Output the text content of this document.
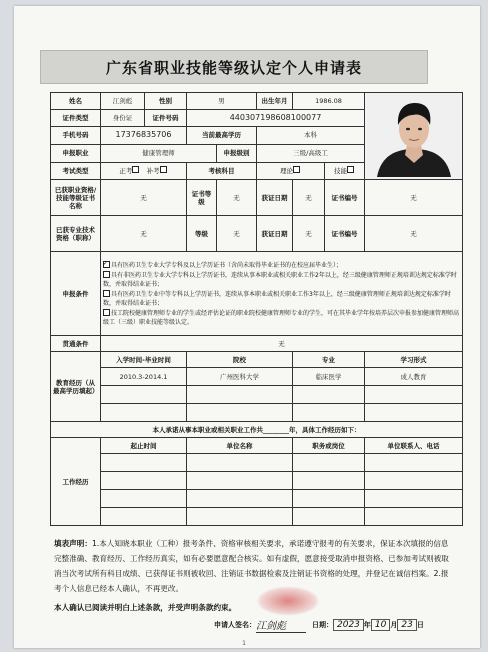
广东省职业技能等级认定个人申请表
姓名	江剑彪	性别	男		出生年月	1986.08	
证件类型	身份证	证件号码	440307198608100077					
手机号码	17376835706		当前最高学历		本科			
申报职业	健康管理师			申报级别	三级/高级工			
考试类型	正考 补考		考核科目		理论		技能	
已获职业资格/技能等级证书名称	无		证书等级	无	获证日期	无	证书编号	无
已获专业技术资格（职称）	无		等级	无	获证日期	无	证书编号	无
申报条件	
✓具有医药卫生专业大学专科及以上学历证书（含尚未取得毕业证书的在校应届毕业生）；
具有非医药卫生专业大学专科以上学历证书，连续从事本职业或相关职业工作2年以上，经三级健康管理师正规培训达规定标准学时数，并取得结业证书；
具有医药卫生专业中等专科以上学历证书，连续从事本职业或相关职业工作3年以上，经三级健康管理师正规培训达规定标准学时数，并取得结业证书；
技工院校健康管理师专业的学生或经评估论证的职业院校健康管理师专业的学生，可在其毕业学年按培养层次申报参加健康管理师高级工（三级）职业技能等级认定。

贯通条件	无							
教育经历（从最高学历填起）	入学时间-毕业时间		院校			专业		学习形式
	2010.3-2014.1		广州医科大学			临床医学		成人教育

本人承诺从事本职业或相关职业工作共________年，具体工作经历如下：								
工作经历	起止时间		单位名称			职务或岗位		单位联系人、电话

填表声明：1.本人知晓本职业（工种）报考条件、资格审核相关要求，承诺遵守报考的有关要求，保证本次填报的信息完整准确、教育经历、工作经历真实，如有必要愿意配合核实。如有虚假，愿意接受取消申报资格、已参加考试则被取消当次考试所有科目成绩、已获得证书则被收回、注销证书数据检索及注销证书资格的处理，并登记在诚信档案。2.报考个人信息已经本人确认，不再更改。
本人确认已阅读并明白上述条款，并受声明条款约束。
申请人签名： 江剑彪	日期： 2023 年 10 月 23 日
1
